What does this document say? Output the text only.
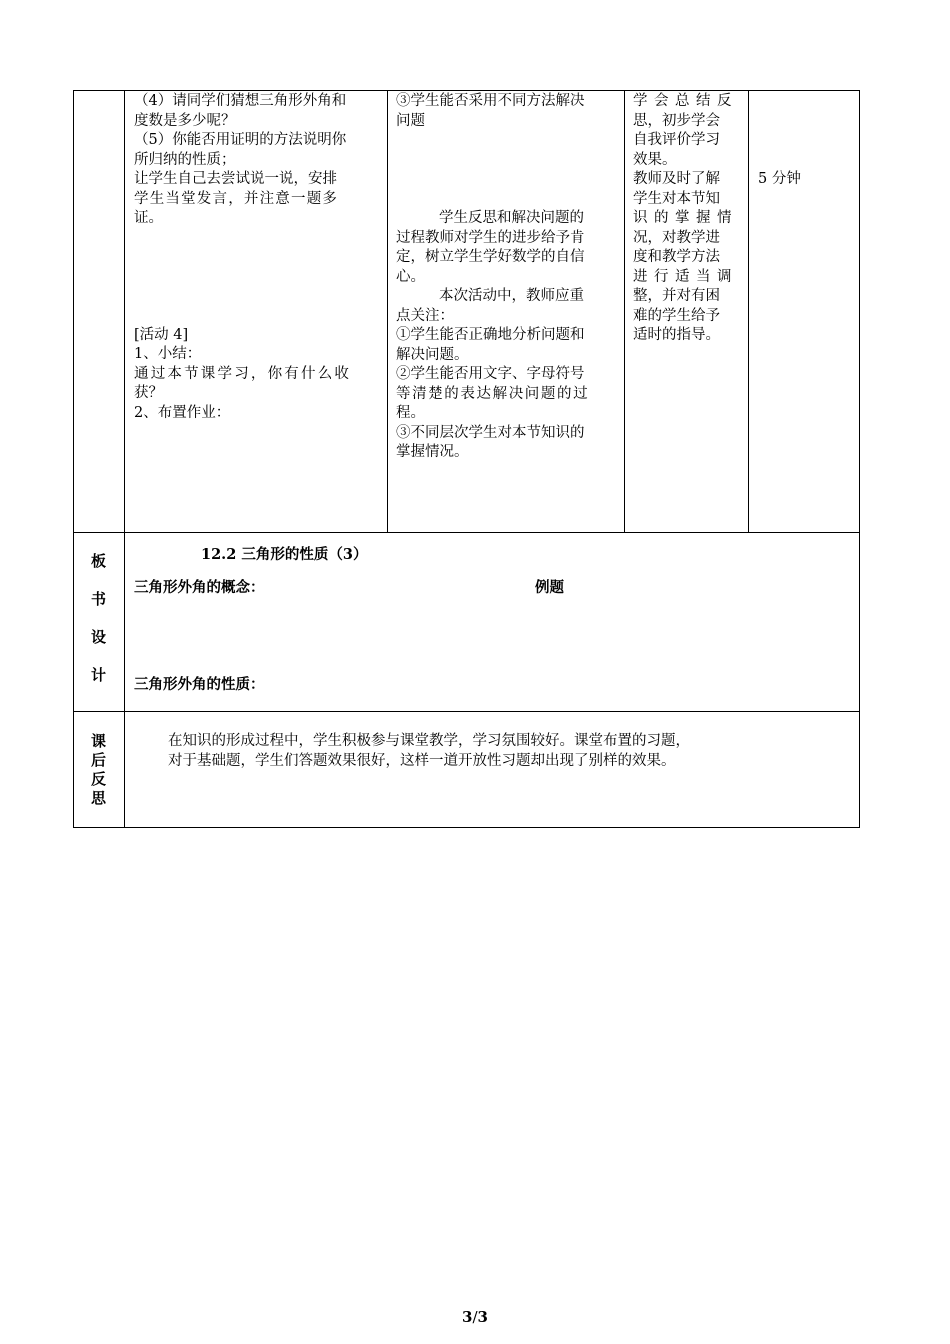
（4）请同学们猜想三角形外角和

度数是多少呢？

（5）你能否用证明的方法说明你

所归纳的性质；

让学生自己去尝试说一说，安排

学生当堂发言，并注意一题多

证。

[活动 4]

1、小结：

通过本节课学习，你有什么收

获？

2、布置作业：

③学生能否采用不同方法解决

问题

学生反思和解决问题的

过程教师对学生的进步给予肯

定，树立学生学好数学的自信

心。

本次活动中，教师应重

点关注：

①学生能否正确地分析问题和

解决问题。

②学生能否用文字、字母符号

等清楚的表达解决问题的过

程。

③不同层次学生对本节知识的

掌握情况。

学会总结反

思，初步学会

自我评价学习

效果。

教师及时了解

学生对本节知

识的掌握情

况，对教学进

度和教学方法

进行适当调

整，并对有困

难的学生给予

适时的指导。

5 分钟

板
书
设
计
12.2 三角形的性质（3）
三角形外角的概念：	例题
三角形外角的性质：
课
后
反
思

在知识的形成过程中，学生积极参与课堂教学，学习氛围较好。课堂布置的习题，

对于基础题，学生们答题效果很好，这样一道开放性习题却出现了别样的效果。

3/3
